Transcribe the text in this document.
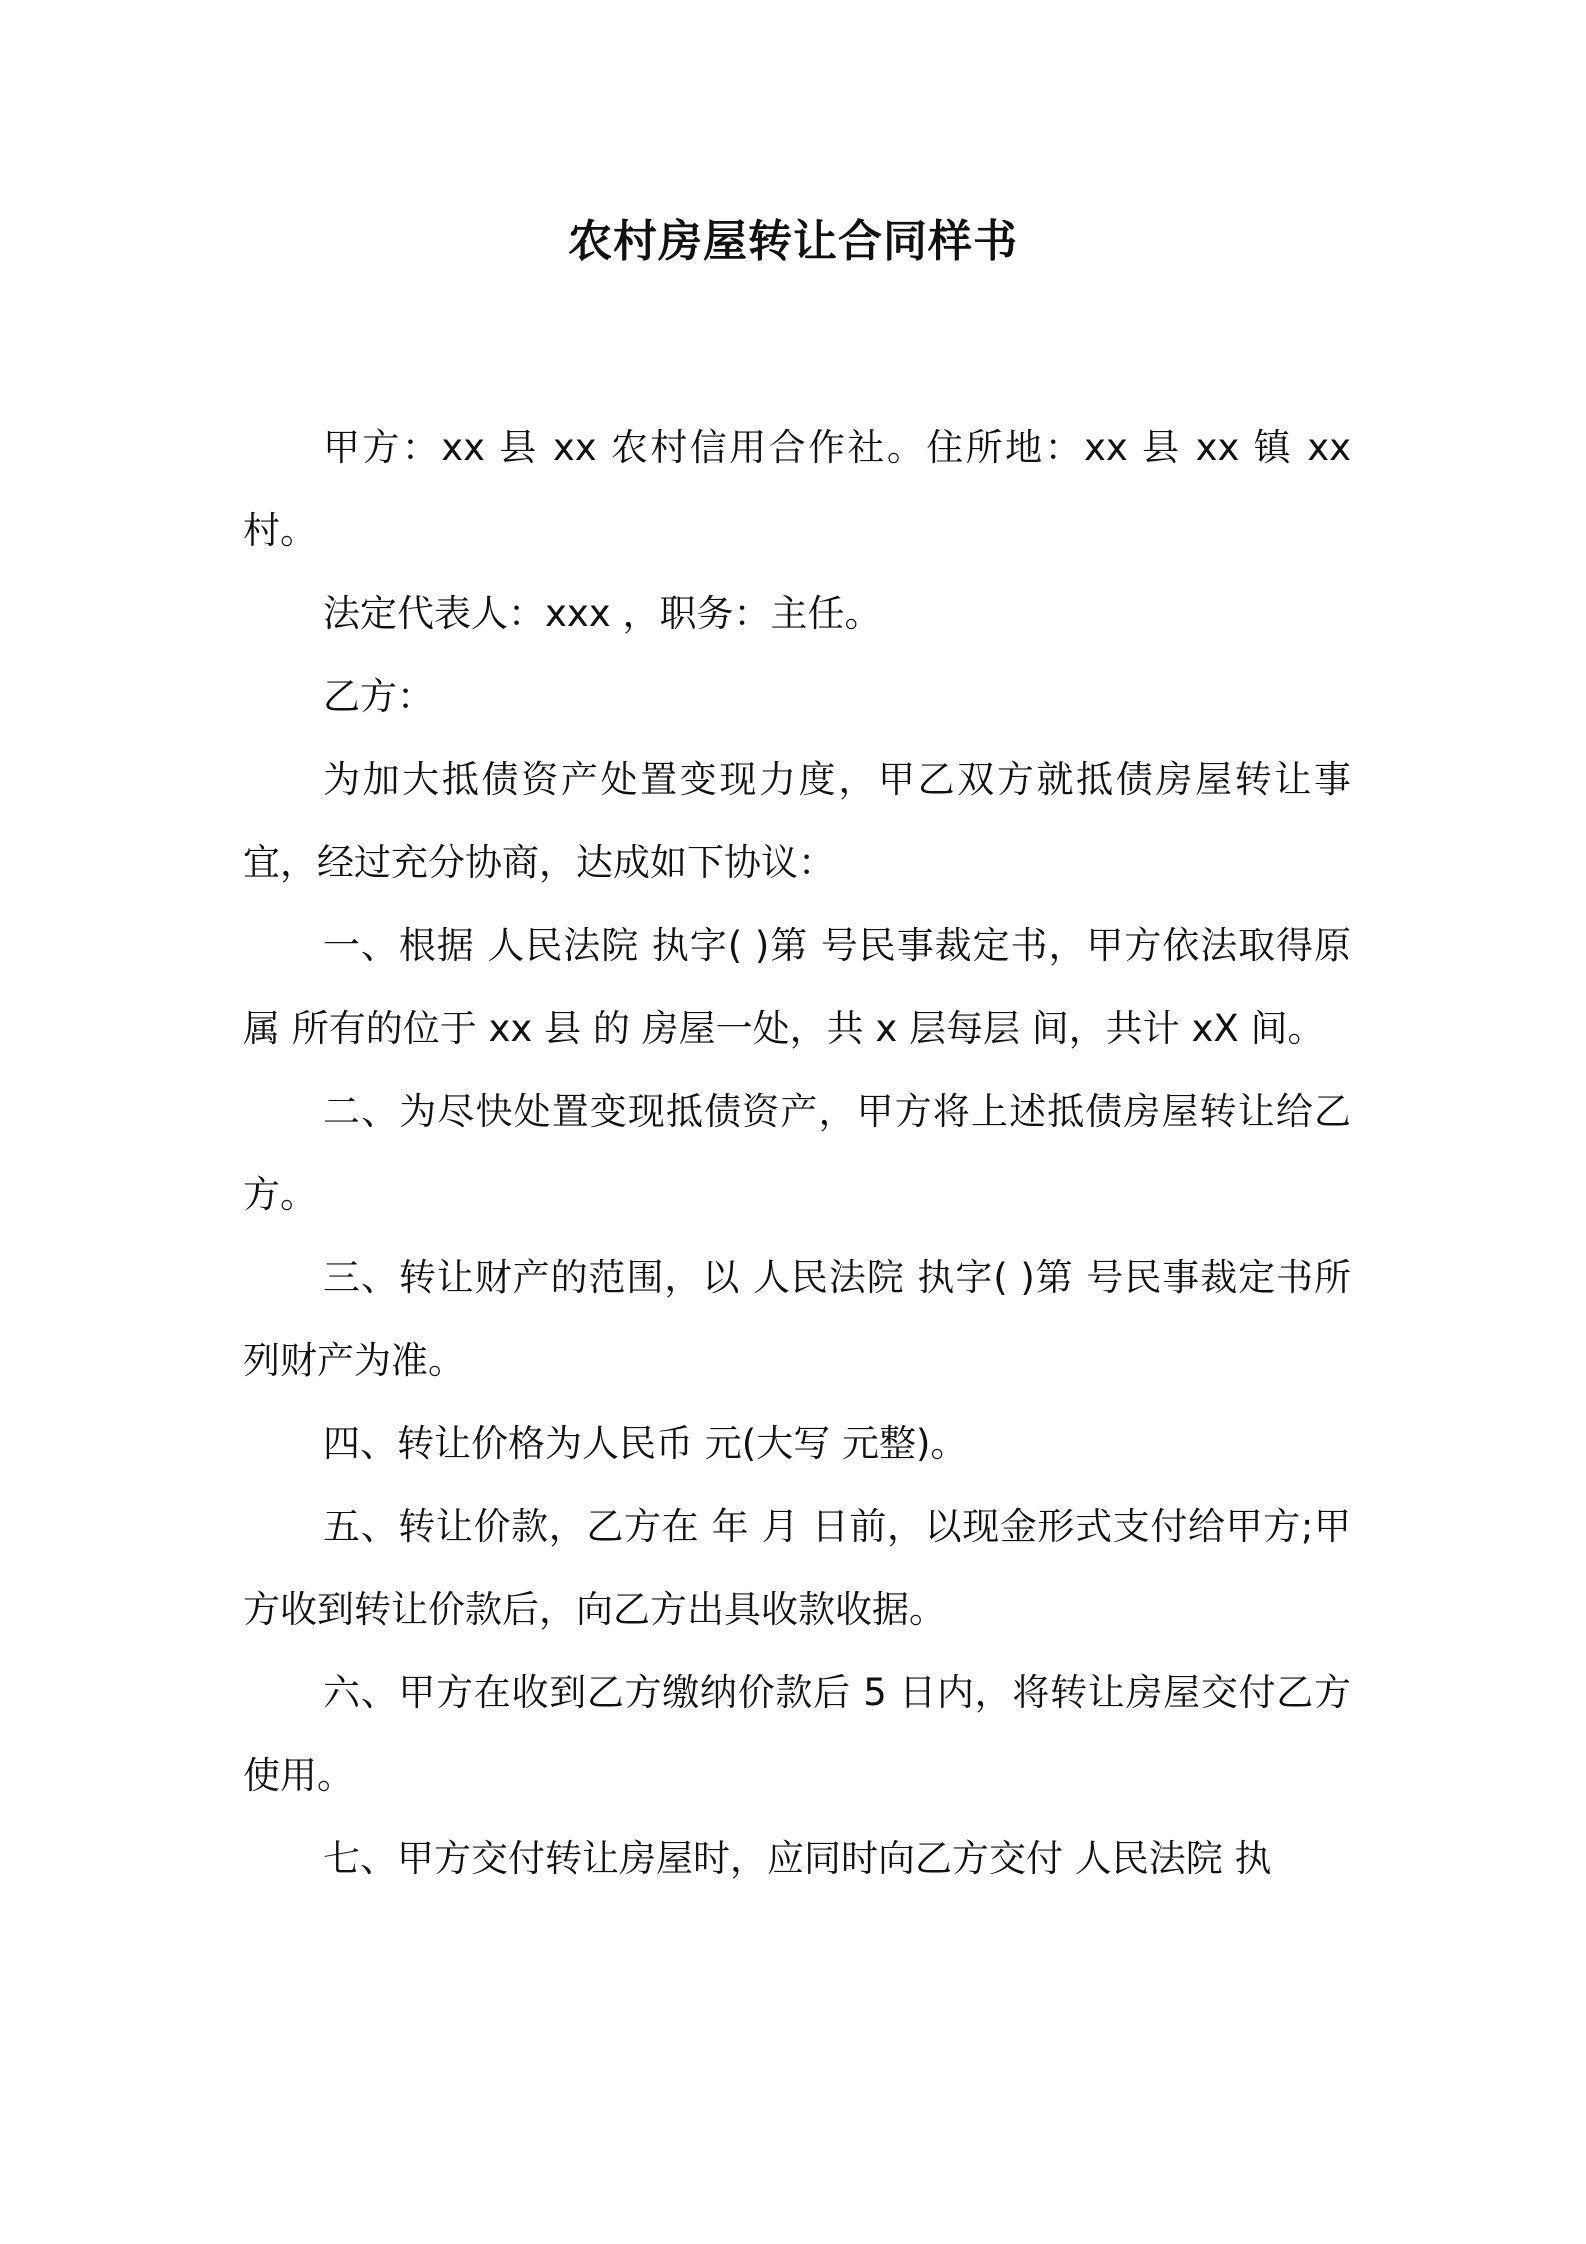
农村房屋转让合同样书

甲方：xx 县 xx 农村信用合作社。住所地：xx 县 xx 镇 xx 村。

法定代表人：xxx ，职务：主任。

乙方：

为加大抵债资产处置变现力度，甲乙双方就抵债房屋转让事宜，经过充分协商，达成如下协议：

一、根据 人民法院 执字( )第 号民事裁定书，甲方依法取得原属 所有的位于 xx 县 的 房屋一处，共 x 层每层 间，共计 xX 间。

二、为尽快处置变现抵债资产，甲方将上述抵债房屋转让给乙方。

三、转让财产的范围，以 人民法院 执字( )第 号民事裁定书所列财产为准。

四、转让价格为人民币 元(大写 元整)。

五、转让价款，乙方在 年 月 日前，以现金形式支付给甲方;甲方收到转让价款后，向乙方出具收款收据。

六、甲方在收到乙方缴纳价款后 5 日内，将转让房屋交付乙方使用。

七、甲方交付转让房屋时，应同时向乙方交付 人民法院 执
